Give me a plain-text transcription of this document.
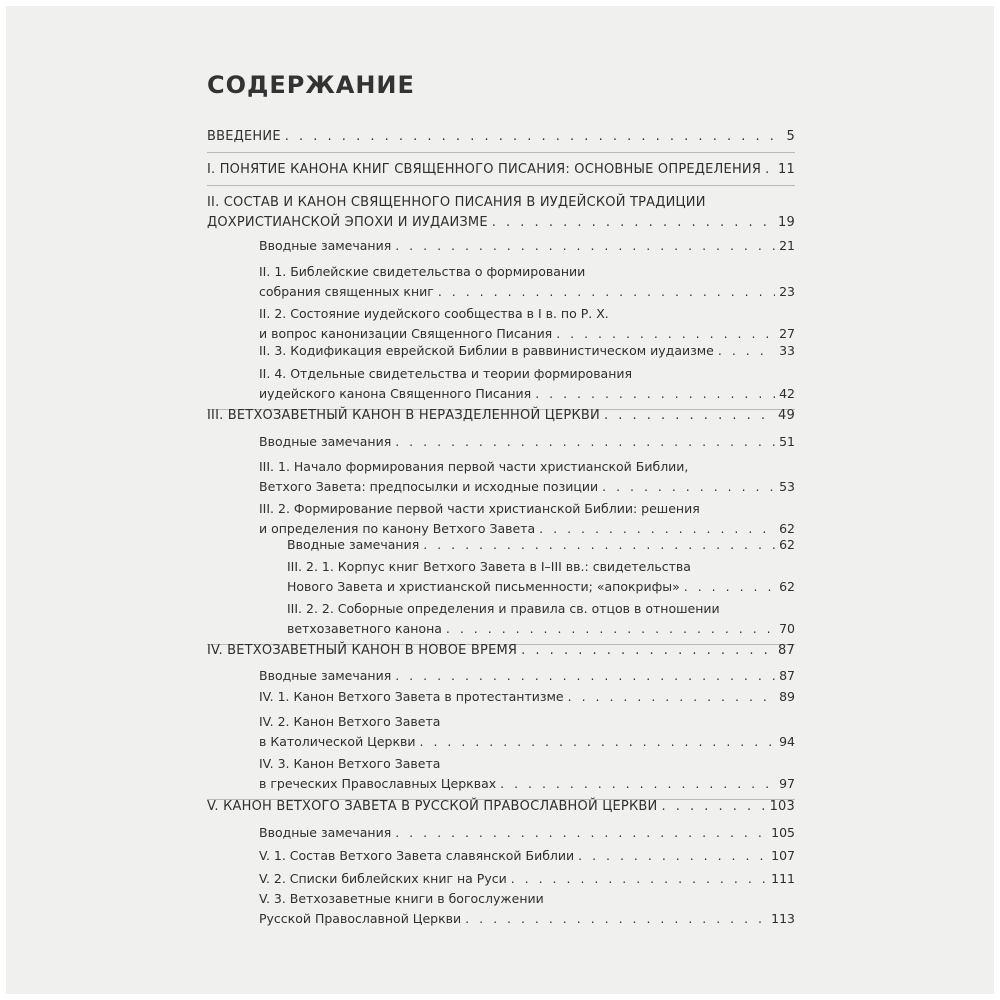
СОДЕРЖАНИЕ
ВВЕДЕНИЕ . . .	5
I. ПОНЯТИЕ КАНОНА КНИГ СВЯЩЕННОГО ПИСАНИЯ: ОСНОВНЫЕ ОПРЕДЕЛЕНИЯ . . . 11
II. СОСТАВ И КАНОН СВЯЩЕННОГО ПИСАНИЯ В ИУДЕЙСКОЙ ТРАДИЦИИ
ДОХРИСТИАНСКОЙ ЭПОХИ И ИУДАИЗМЕ . . .	19
Вводные замечания . . .	21
II. 1. Библейские свидетельства о формировании
собрания священных книг . . .	23
II. 2. Состояние иудейского сообщества в I в. по Р. Х.
и вопрос канонизации Священного Писания . . .	27
II. 3. Кодификация еврейской Библии в раввинистическом иудаизме . . .	33
II. 4. Отдельные свидетельства и теории формирования
иудейского канона Священного Писания . . .	42
III. ВЕТХОЗАВЕТНЫЙ КАНОН В НЕРАЗДЕЛЕННОЙ ЦЕРКВИ . . .	49
Вводные замечания . . .	51
III. 1. Начало формирования первой части христианской Библии,
Ветхого Завета: предпосылки и исходные позиции . . .	53
III. 2. Формирование первой части христианской Библии: решения
и определения по канону Ветхого Завета . . .	62
Вводные замечания . . .	62
III. 2. 1. Корпус книг Ветхого Завета в I–III вв.: свидетельства
Нового Завета и христианской письменности; «апокрифы» . . .	62
III. 2. 2. Соборные определения и правила св. отцов в отношении
ветхозаветного канона . . .	70
IV. ВЕТХОЗАВЕТНЫЙ КАНОН В НОВОЕ ВРЕМЯ . . .	87
Вводные замечания . . .	87
IV. 1. Канон Ветхого Завета в протестантизме . . .	89
IV. 2. Канон Ветхого Завета
в Католической Церкви . . .	94
IV. 3. Канон Ветхого Завета
в греческих Православных Церквах . . .	97
V. КАНОН ВЕТХОГО ЗАВЕТА В РУССКОЙ ПРАВОСЛАВНОЙ ЦЕРКВИ . . .	103
Вводные замечания . . .	105
V. 1. Состав Ветхого Завета славянской Библии . . .	107
V. 2. Списки библейских книг на Руси . . .	111
V. 3. Ветхозаветные книги в богослужении
Русской Православной Церкви . . .	113
